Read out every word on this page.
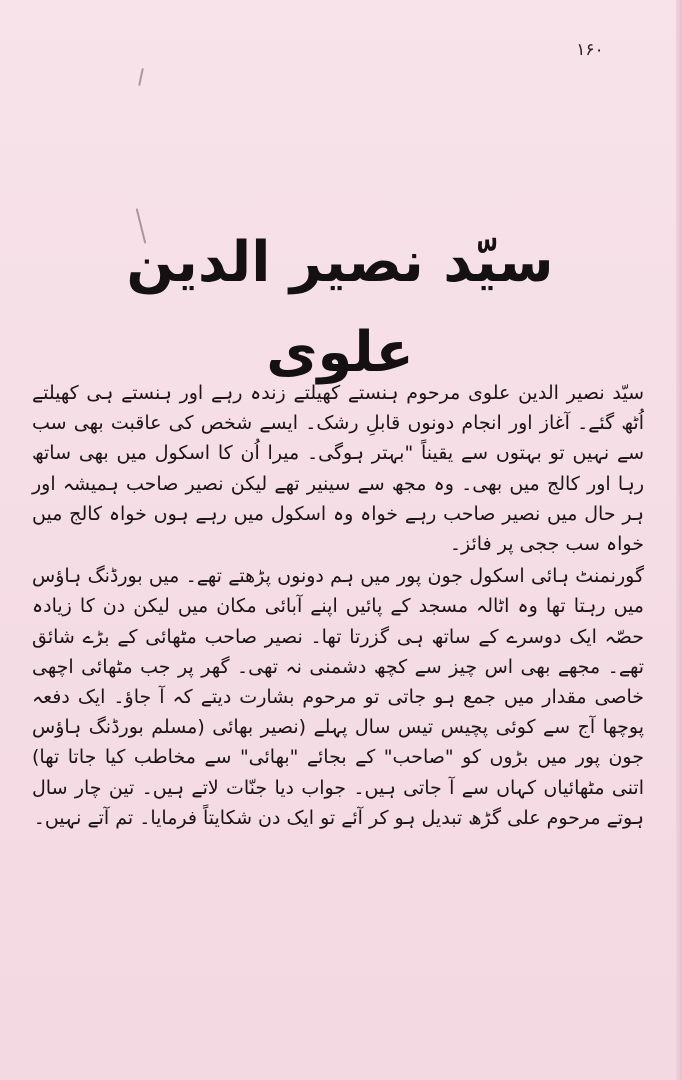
۱۶۰
سیّد نصیر الدین علوی

سیّد نصیر الدین علوی مرحوم ہنستے کھیلتے زندہ رہے اور ہنستے ہی کھیلتے اُٹھ گئے۔ آغاز اور انجام دونوں قابلِ رشک۔ ایسے شخص کی عاقبت بھی سب سے نہیں تو بہتوں سے یقیناً "بہتر ہوگی۔ میرا اُن کا اسکول میں بھی ساتھ رہا اور کالج میں بھی۔ وہ مجھ سے سینیر تھے لیکن نصیر صاحب ہمیشہ اور ہر حال میں نصیر صاحب رہے خواہ وہ اسکول میں رہے ہوں خواہ کالج میں خواہ سب ججی پر فائز۔

گورنمنٹ ہائی اسکول جون پور میں ہم دونوں پڑھتے تھے۔ میں بورڈنگ ہاؤس میں رہتا تھا وہ اٹالہ مسجد کے پائیں اپنے آبائی مکان میں لیکن دن کا زیادہ حصّہ ایک دوسرے کے ساتھ ہی گزرتا تھا۔ نصیر صاحب مٹھائی کے بڑے شائق تھے۔ مجھے بھی اس چیز سے کچھ دشمنی نہ تھی۔ گھر پر جب مٹھائی اچھی خاصی مقدار میں جمع ہو جاتی تو مرحوم بشارت دیتے کہ آ جاؤ۔ ایک دفعہ پوچھا آج سے کوئی پچیس تیس سال پہلے (نصیر بھائی (مسلم بورڈنگ ہاؤس جون پور میں بڑوں کو "صاحب" کے بجائے "بھائی" سے مخاطب کیا جاتا تھا) اتنی مٹھائیاں کہاں سے آ جاتی ہیں۔ جواب دیا جنّات لاتے ہیں۔ تین چار سال ہوتے مرحوم علی گڑھ تبدیل ہو کر آئے تو ایک دن شکایتاً فرمایا۔ تم آتے نہیں۔
